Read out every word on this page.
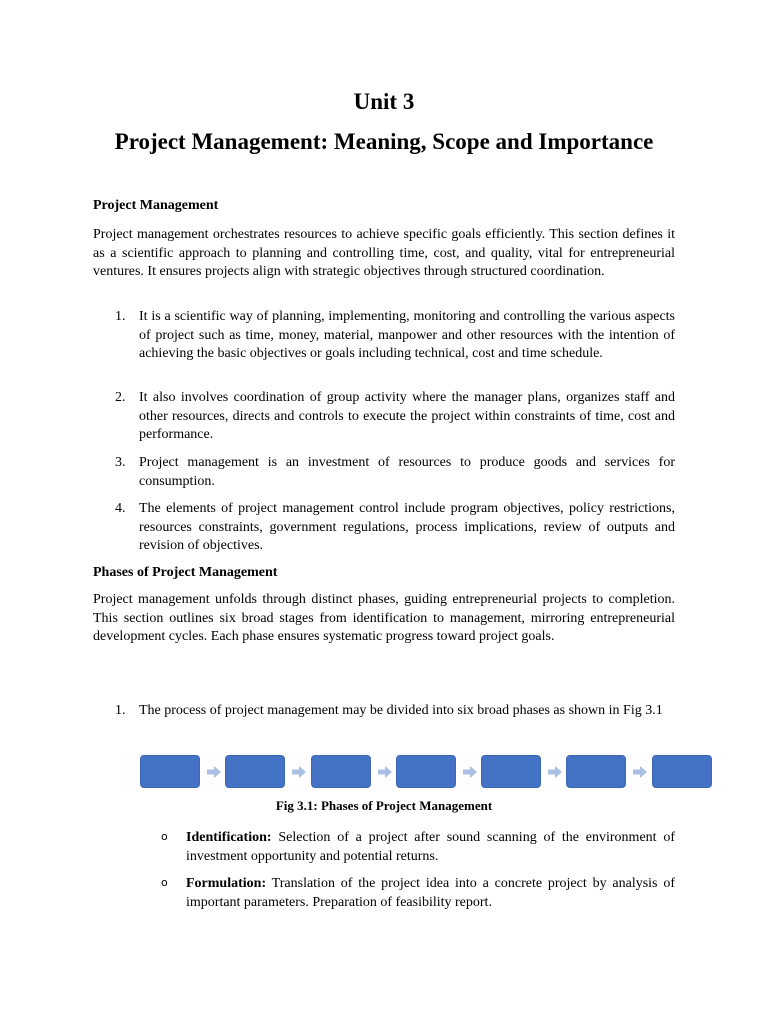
Unit 3
Project Management: Meaning, Scope and Importance

Project Management

Project management orchestrates resources to achieve specific goals efficiently. This section defines it as a scientific approach to planning and controlling time, cost, and quality, vital for entrepreneurial ventures. It ensures projects align with strategic objectives through structured coordination.

1. It is a scientific way of planning, implementing, monitoring and controlling the various aspects of project such as time, money, material, manpower and other resources with the intention of achieving the basic objectives or goals including technical, cost and time schedule.
2. It also involves coordination of group activity where the manager plans, organizes staff and other resources, directs and controls to execute the project within constraints of time, cost and performance.
3. Project management is an investment of resources to produce goods and services for consumption.
4. The elements of project management control include program objectives, policy restrictions, resources constraints, government regulations, process implications, review of outputs and revision of objectives.

Phases of Project Management

Project management unfolds through distinct phases, guiding entrepreneurial projects to completion. This section outlines six broad stages from identification to management, mirroring entrepreneurial development cycles. Each phase ensures systematic progress toward project goals.

1. The process of project management may be divided into six broad phases as shown in Fig 3.1
Fig 3.1: Phases of Project Management
o Identification: Selection of a project after sound scanning of the environment of investment opportunity and potential returns.
o Formulation: Translation of the project idea into a concrete project by analysis of important parameters. Preparation of feasibility report.
